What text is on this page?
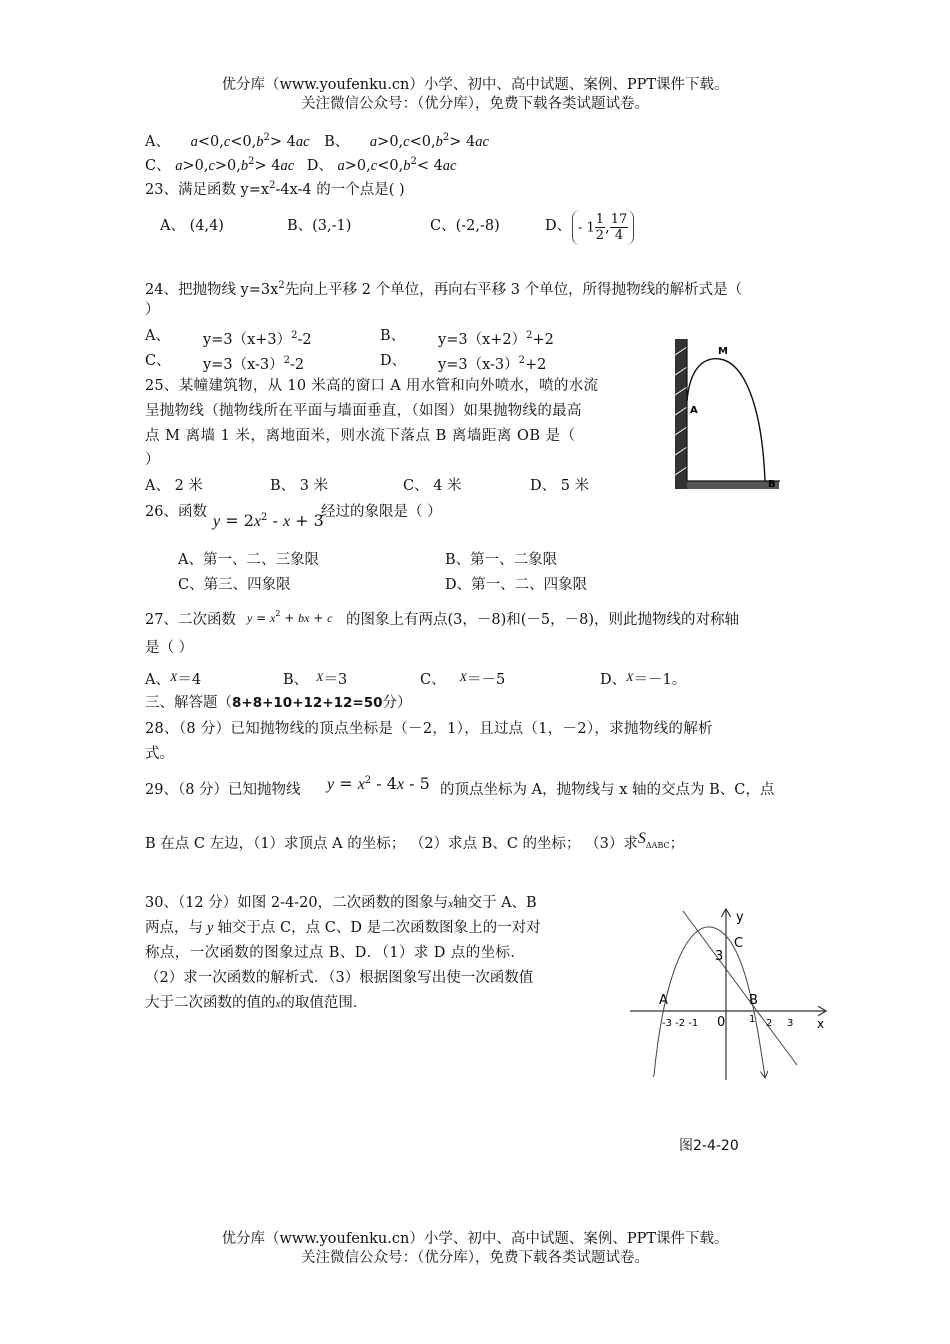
优分库（www.youfenku.cn）小学、初中、高中试题、案例、PPT课件下载。
关注微信公众号：（优分库），免费下载各类试题试卷。
A、 $a<0,c<0,b^2> 4ac$ B、 $a>0,c<0,b^2> 4ac$
C、 $a>0,c>0,b^2> 4ac$ D、 $a>0,c<0,b^2< 4ac$
23、满足函数 $y=x^2-4x-4$ 的一个点是( )
A、 (4,4)	B、(3,-1)	C、(-2,-8)	D、 - $1 \frac{1}{2}$ , $\frac{17}{4}$
24、把抛物线 $y=3x^2$先向上平移 2 个单位，再向右平移 3 个单位，所得抛物线的解析式是（
）
A、 $y=3(x+3)^2-2$	B、 $y=3(x+2)^2+2$
C、 $y=3(x-3)^2-2$	D、 $y=3(x-3)^2+2$
25、某幢建筑物，从 10 米高的窗口 A 用水管和向外喷水，喷的水流
呈抛物线（抛物线所在平面与墙面垂直，（如图）如果抛物线的最高
点 M 离墙 1 米，离地面米，则水流下落点 B 离墙距离 OB 是（
）
A、 2 米	B、 3 米	C、 4 米	D、 5 米
M
A
B
26、函数
$y = 2x^2 - x + 3$
经过的象限是（ ）
A、第一、二、三象限	B、第一、二象限
C、第三、四象限	D、第一、二、四象限
27、二次函数 $y = x^2$ + bx + c 的图象上有两点(3，－8)和(－5，－8)，则此抛物线的对称轴
是（ ）
A、$^X$＝4	B、 $^X$＝3	C、 $^X$＝－5	D、$^X$＝－1。
三、解答题（8+8+10+12+12=50分）
28、（8 分）已知抛物线的顶点坐标是（－2，1），且过点（1，－2），求抛物线的解析
式。
29、（8 分）已知抛物线 $y = x^2 - 4x - 5$ 的顶点坐标为 A，抛物线与 x 轴的交点为 B、C，点
B 在点 C 左边，（1）求顶点 A 的坐标； （2）求点 B、C 的坐标； （3）求SΔABC；
30、（12 分）如图 2-4-20，二次函数的图象与x轴交于 A、B
两点，与 y 轴交于点 C，点 C、D 是二次函数图象上的一对对
称点，一次函数的图象过点 B、D．（1）求 D 点的坐标．
（2）求一次函数的解析式．（3）根据图象写出使一次函数值
大于二次函数的值的x的取值范围．
y
C
3
A	B
-3 -2 -1 0 1 2 3 x
图2-4-20
优分库（www.youfenku.cn）小学、初中、高中试题、案例、PPT课件下载。
关注微信公众号：（优分库），免费下载各类试题试卷。
